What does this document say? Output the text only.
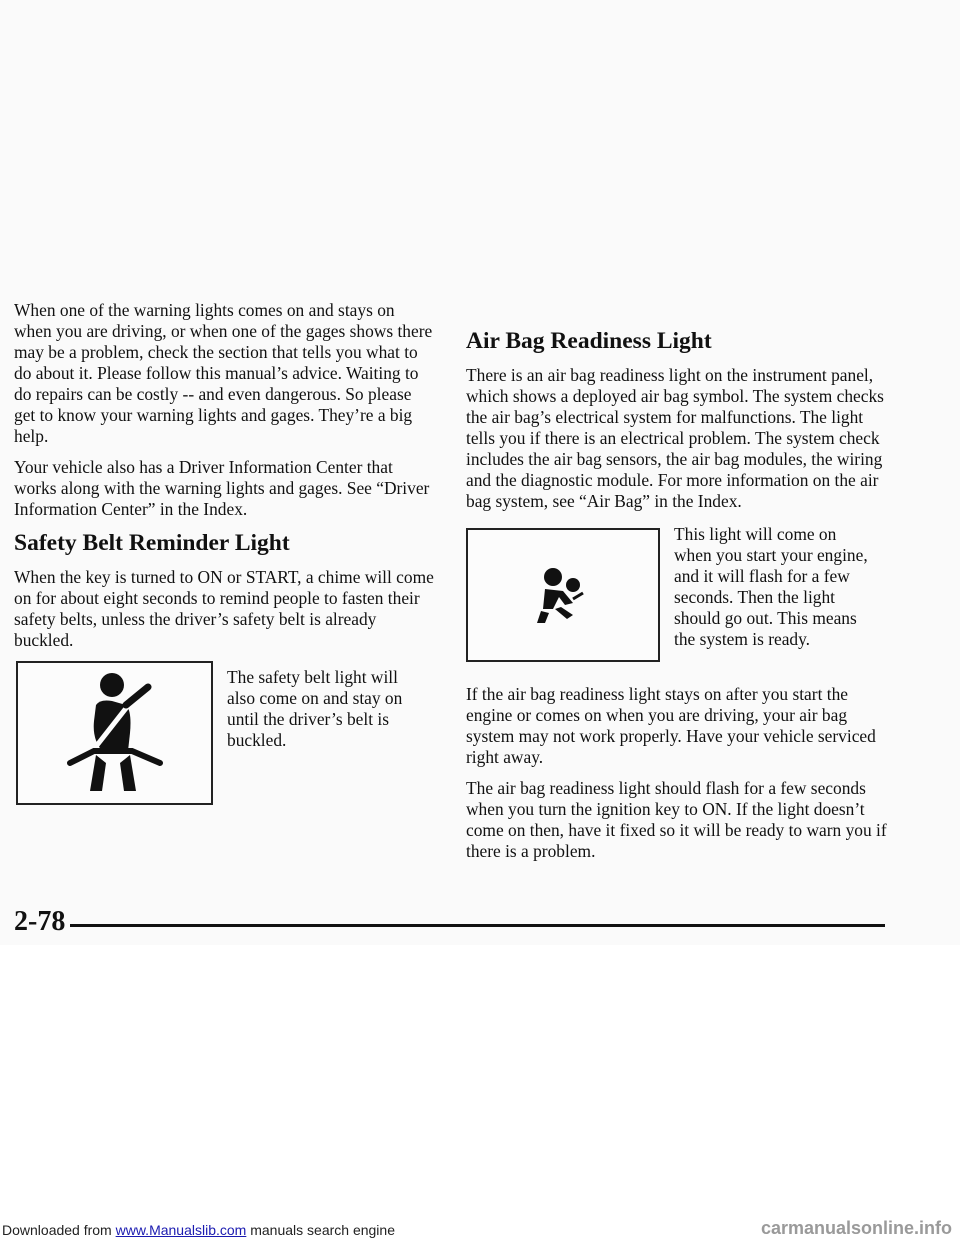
When one of the warning lights comes on and stays on when you are driving, or when one of the gages shows there may be a problem, check the section that tells you what to do about it. Please follow this manual’s advice. Waiting to do repairs can be costly -- and even dangerous. So please get to know your warning lights and gages. They’re a big help.

Your vehicle also has a Driver Information Center that works along with the warning lights and gages. See “Driver Information Center” in the Index.

Safety Belt Reminder Light

When the key is turned to ON or START, a chime will come on for about eight seconds to remind people to fasten their safety belts, unless the driver’s safety belt is already buckled.

The safety belt light will also come on and stay on until the driver’s belt is buckled.
Air Bag Readiness Light

There is an air bag readiness light on the instrument panel, which shows a deployed air bag symbol. The system checks the air bag’s electrical system for malfunctions. The light tells you if there is an electrical problem. The system check includes the air bag sensors, the air bag modules, the wiring and the diagnostic module. For more information on the air bag system, see “Air Bag” in the Index.

This light will come on when you start your engine, and it will flash for a few seconds. Then the light should go out. This means the system is ready.

If the air bag readiness light stays on after you start the engine or comes on when you are driving, your air bag system may not work properly. Have your vehicle serviced right away.

The air bag readiness light should flash for a few seconds when you turn the ignition key to ON. If the light doesn’t come on then, have it fixed so it will be ready to warn you if there is a problem.

2-78
Downloaded from www.Manualslib.com manuals search engine	carmanualsonline.info
